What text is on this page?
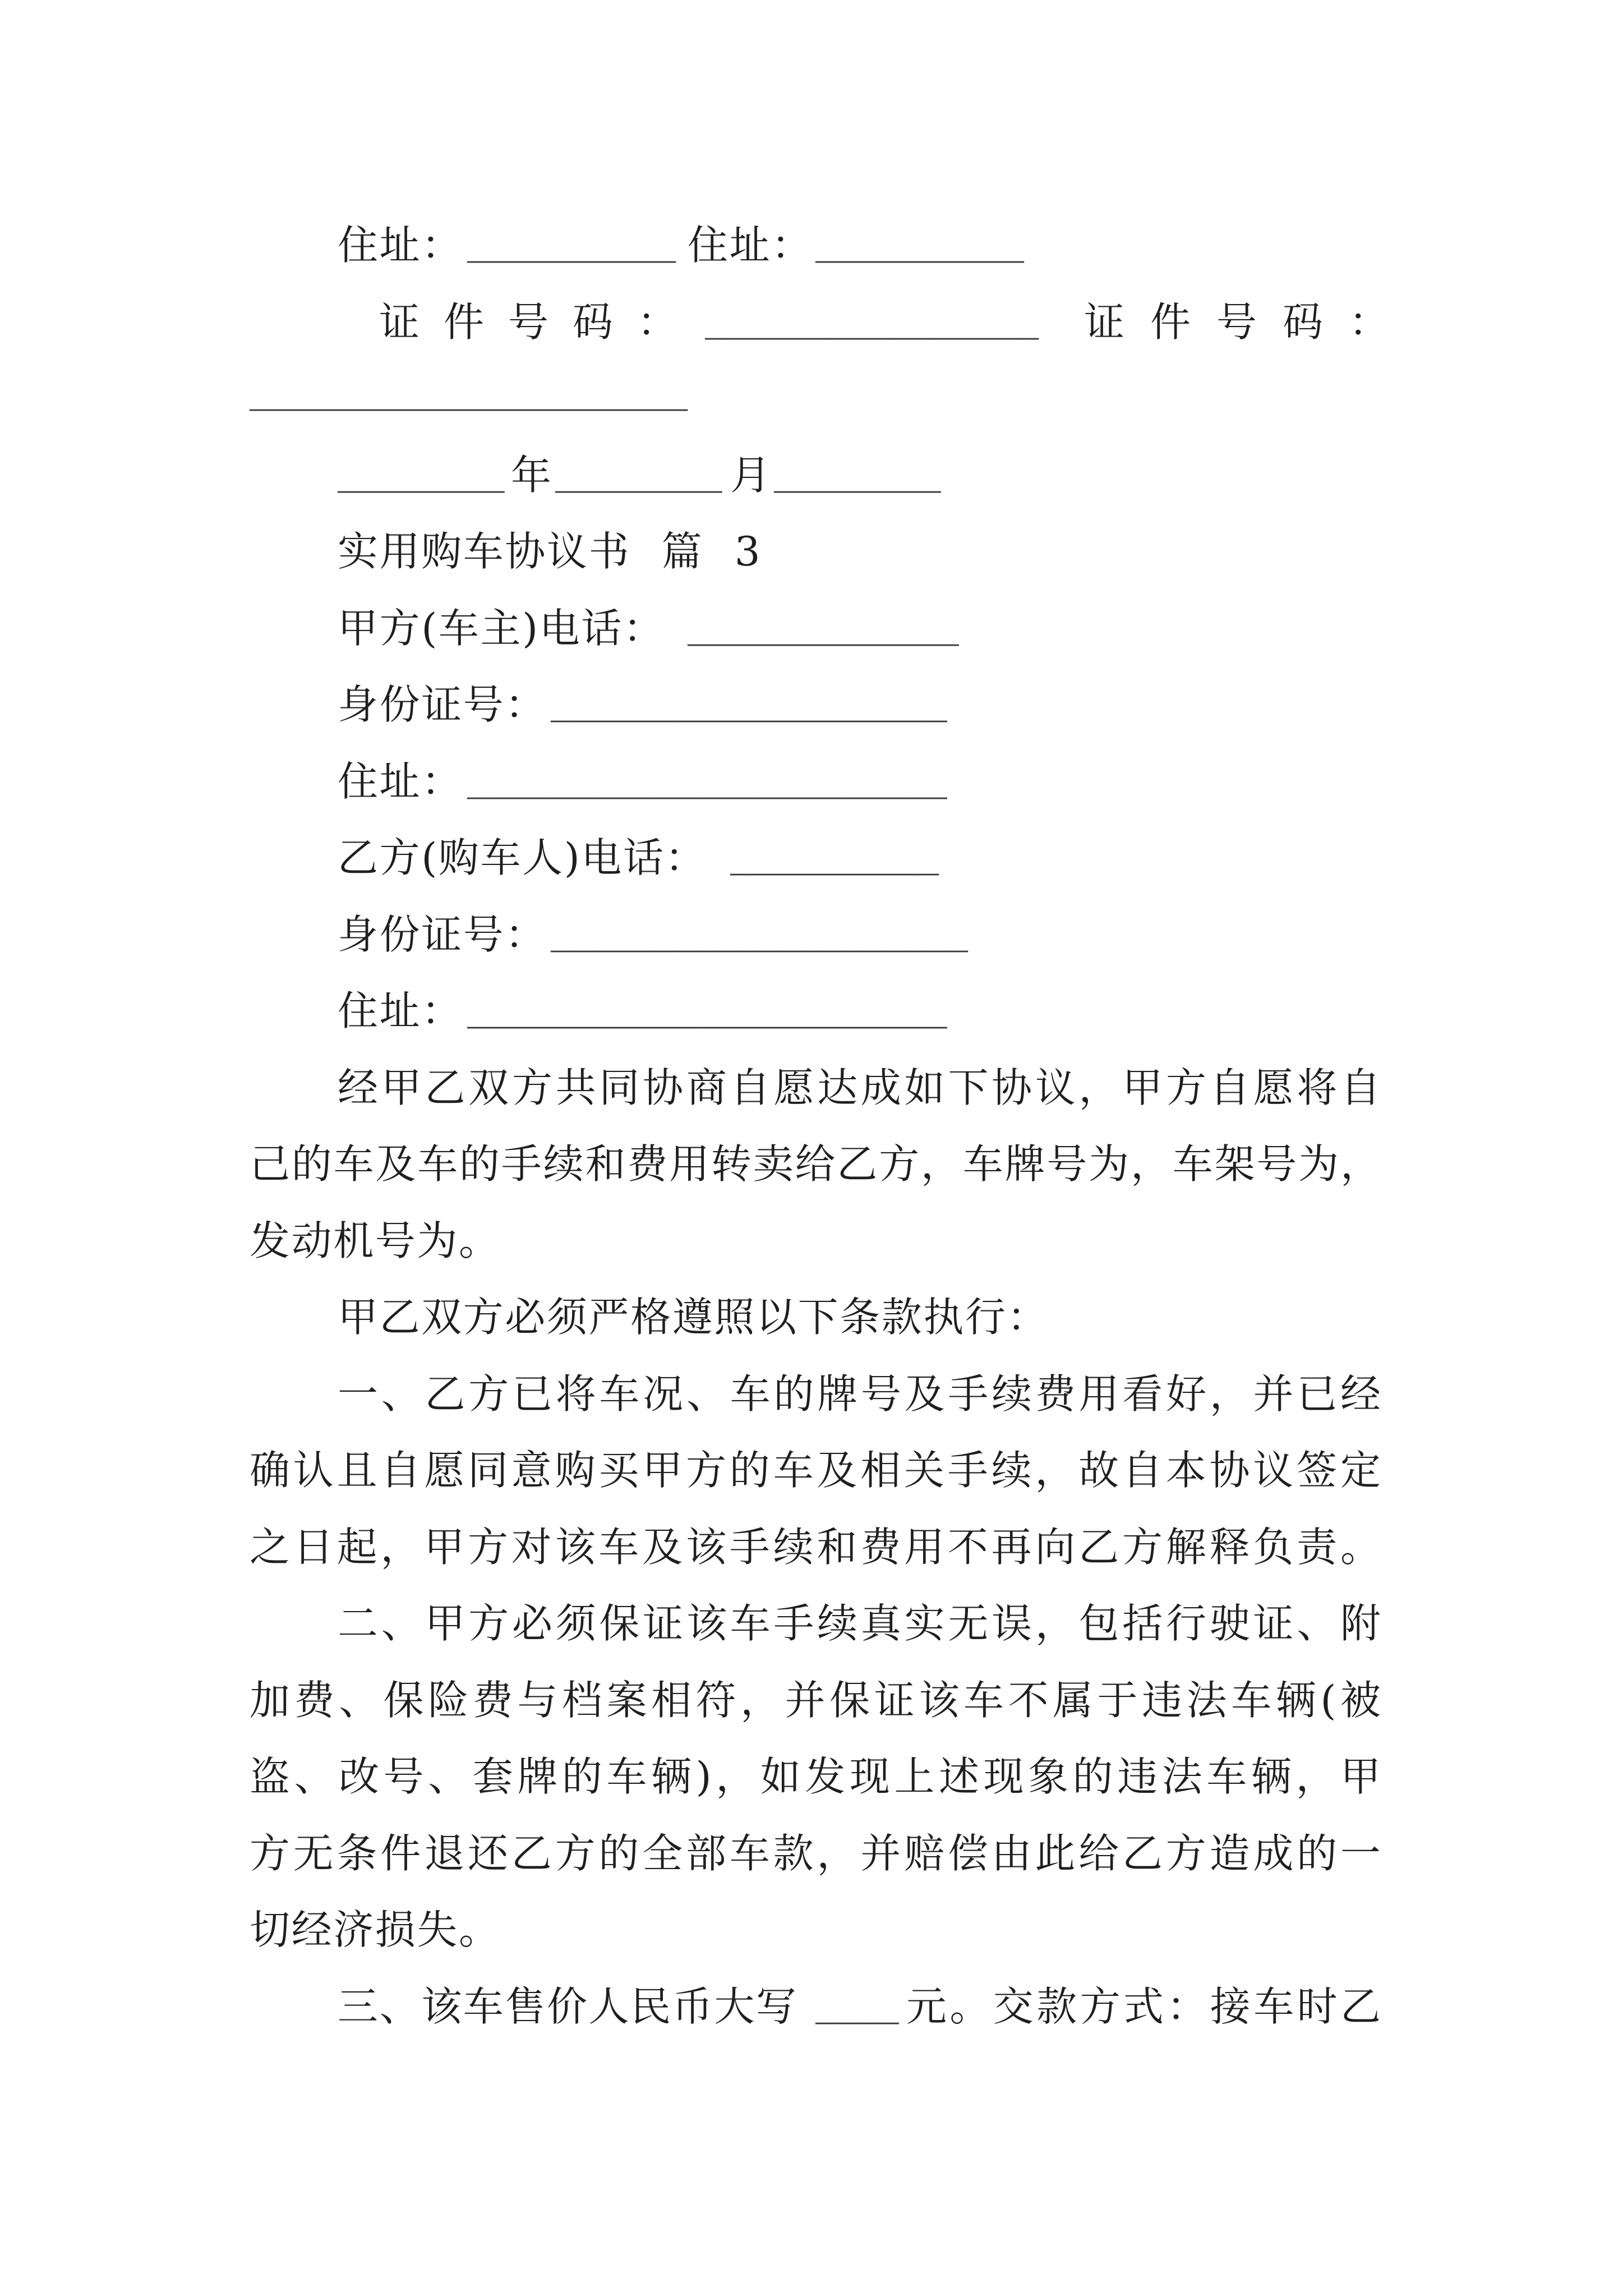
住址： __________ 住址： __________
证件号码： ________________	证件号码：
_____________________
________ 年 ________ 月 ________
实用购车协议书 篇 3
甲方(车主)电话： _____________
身份证号： ___________________
住址： _______________________
乙方(购车人)电话： __________
身份证号： ____________________
住址： _______________________
经甲乙双方共同协商自愿达成如下协议，甲方自愿将自
己的车及车的手续和费用转卖给乙方，车牌号为，车架号为，
发动机号为。
甲乙双方必须严格遵照以下条款执行：
一、乙方已将车况、车的牌号及手续费用看好，并已经
确认且自愿同意购买甲方的车及相关手续，故自本协议签定
之日起，甲方对该车及该手续和费用不再向乙方解释负责。
二、甲方必须保证该车手续真实无误，包括行驶证、附
加费、保险费与档案相符，并保证该车不属于违法车辆(被
盗、改号、套牌的车辆)，如发现上述现象的违法车辆，甲
方无条件退还乙方的全部车款，并赔偿由此给乙方造成的一
切经济损失。
三、该车售价人民币大写 ____ 元。交款方式：接车时乙
